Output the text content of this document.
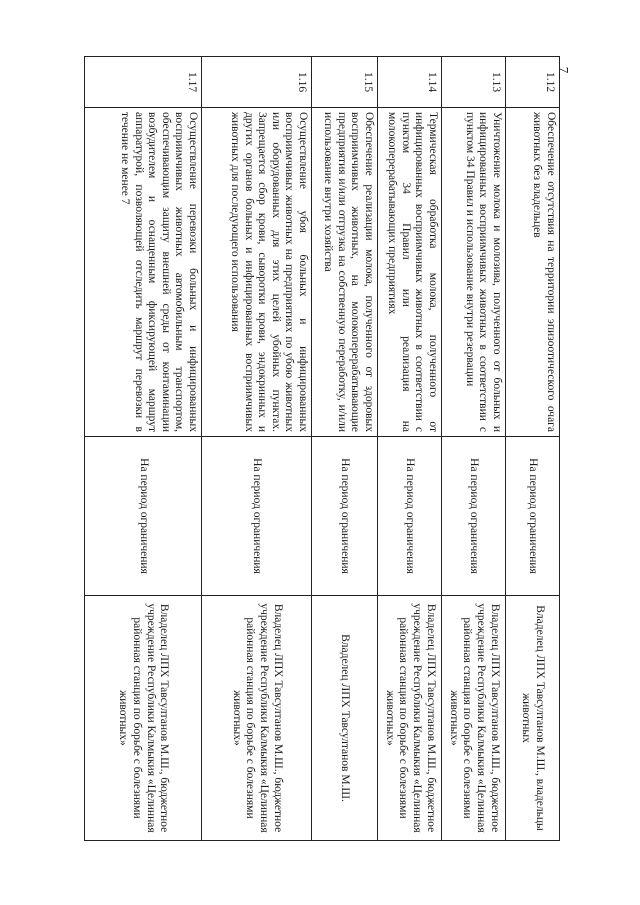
7
1.12	Обеспечение отсутствия на территории эпизоотического очага животных без владельцев	На период ограничения	Владелец ЛПХ Тавсултанов М.Ш., владельцы животных
1.13	Уничтожение молока и молозива, полученного от больных и инфицированных восприимчивых животных в соответствии с пунктом 34 Правил и использование внутри резервации	На период ограничения	Владелец ЛПХ Тавсултанов М.Ш., бюджетное учреждение Республики Калмыкия «Целинная районная станция по борьбе с болезнями животных»
1.14	Термическая обработка молока, полученного от инфицированных восприимчивых животных в соответствии с пунктом 34 Правил или реализация на молокоперерабатывающих предприятиях	На период ограничения	Владелец ЛПХ Тавсултанов М.Ш., бюджетное учреждение Республики Калмыкия «Целинная районная станция по борьбе с болезнями животных»
1.15	Обеспечение реализации молока, полученного от здоровых восприимчивых животных, на молокоперерабатывающие предприятия и/или отгрузка на собственную переработку, и/или использование внутри хозяйства	На период ограничения	Владелец ЛПХ Тавсултанов М.Ш.
1.16	Осуществление убоя больных и инфицированных восприимчивых животных на предприятиях по убою животных или оборудованных для этих целей убойных пунктах. Запрещается сбор крови, сыворотки крови, эндокринных и других органов больных и инфицированных восприимчивых животных для последующего использования	На период ограничения	Владелец ЛПХ Тавсултанов М.Ш., бюджетное учреждение Республики Калмыкия «Целинная районная станция по борьбе с болезнями животных»
1.17	Осуществление перевозки больных и инфицированных восприимчивых животных автомобильным транспортом, обеспечивающим защиту внешней среды от контаминации возбудителем и оснащенным фиксирующей маршрут аппаратурой, позволяющей отследить маршрут перевозки в течение не менее 7	На период ограничения	Владелец ЛПХ Тавсултанов М.Ш., бюджетное учреждение Республики Калмыкия «Целинная районная станция по борьбе с болезнями животных»
